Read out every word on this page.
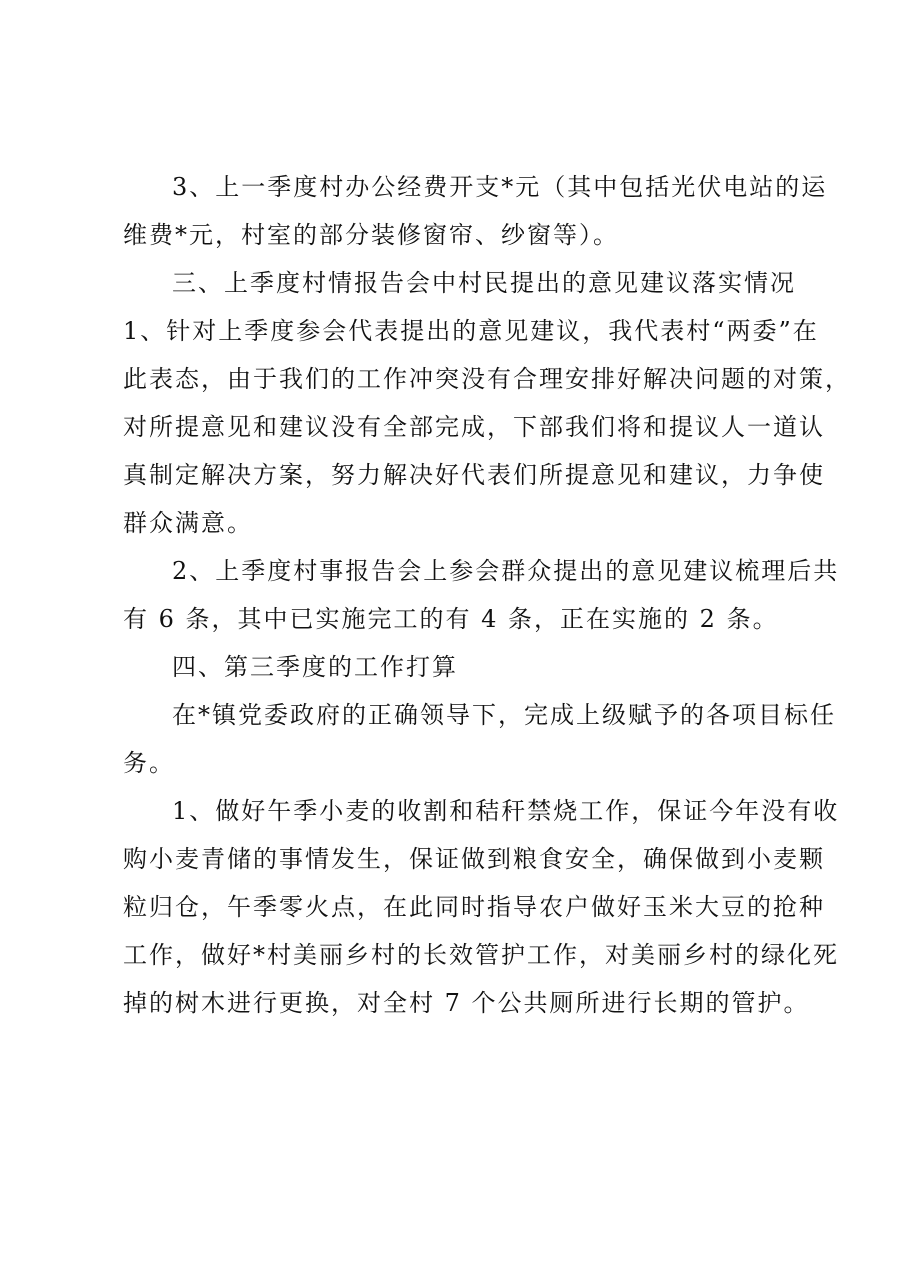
3、上一季度村办公经费开支*元（其中包括光伏电站的运
维费*元，村室的部分装修窗帘、纱窗等）。
三、上季度村情报告会中村民提出的意见建议落实情况
1、针对上季度参会代表提出的意见建议，我代表村“两委”在
此表态，由于我们的工作冲突没有合理安排好解决问题的对策，
对所提意见和建议没有全部完成，下部我们将和提议人一道认
真制定解决方案，努力解决好代表们所提意见和建议，力争使
群众满意。
2、上季度村事报告会上参会群众提出的意见建议梳理后共
有 6 条，其中已实施完工的有 4 条，正在实施的 2 条。
四、第三季度的工作打算
在*镇党委政府的正确领导下，完成上级赋予的各项目标任
务。
1、做好午季小麦的收割和秸秆禁烧工作，保证今年没有收
购小麦青储的事情发生，保证做到粮食安全，确保做到小麦颗
粒归仓，午季零火点，在此同时指导农户做好玉米大豆的抢种
工作，做好*村美丽乡村的长效管护工作，对美丽乡村的绿化死
掉的树木进行更换，对全村 7 个公共厕所进行长期的管护。
